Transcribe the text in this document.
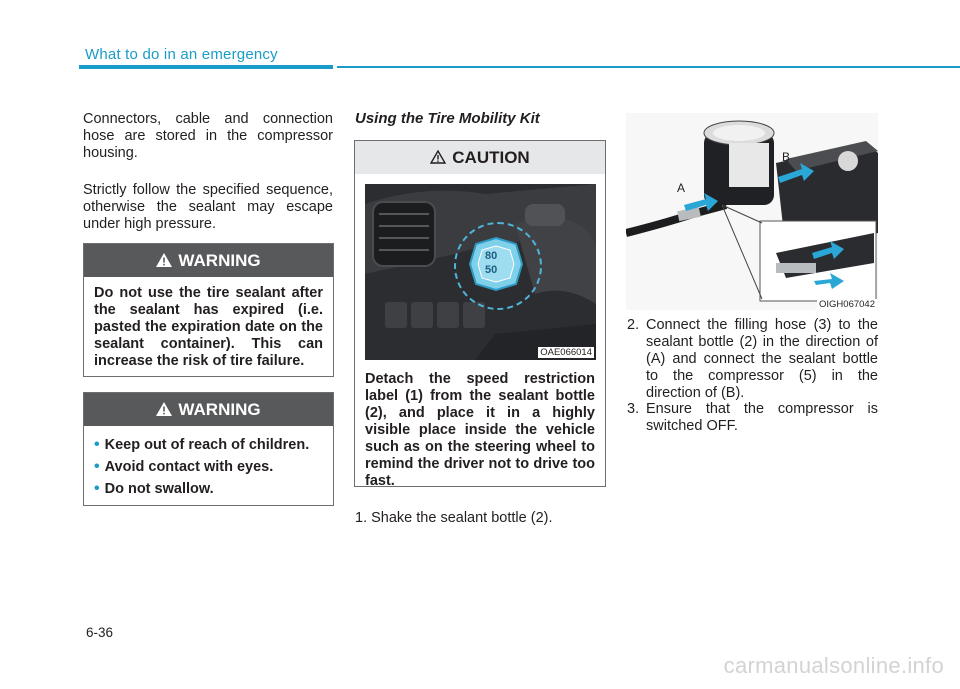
What to do in an emergency
Connectors, cable and connection hose are stored in the compressor housing.
Strictly follow the specified sequence, otherwise the sealant may escape under high pressure.
WARNING
Do not use the tire sealant after the sealant has expired (i.e. pasted the expiration date on the sealant container). This can increase the risk of tire failure.
WARNING
• Keep out of reach of children.
• Avoid contact with eyes.
• Do not swallow.
Using the Tire Mobility Kit
CAUTION
80
50
OAE066014
Detach the speed restriction label (1) from the sealant bottle (2), and place it in a highly visible place inside the vehicle such as on the steering wheel to remind the driver not to drive too fast.
1. Shake the sealant bottle (2).
A
B
OIGH067042
2. Connect the filling hose (3) to the sealant bottle (2) in the direction of (A) and connect the sealant bottle to the compressor (5) in the direction of (B).
3. Ensure that the compressor is switched OFF.
6-36
carmanualsonline.info
